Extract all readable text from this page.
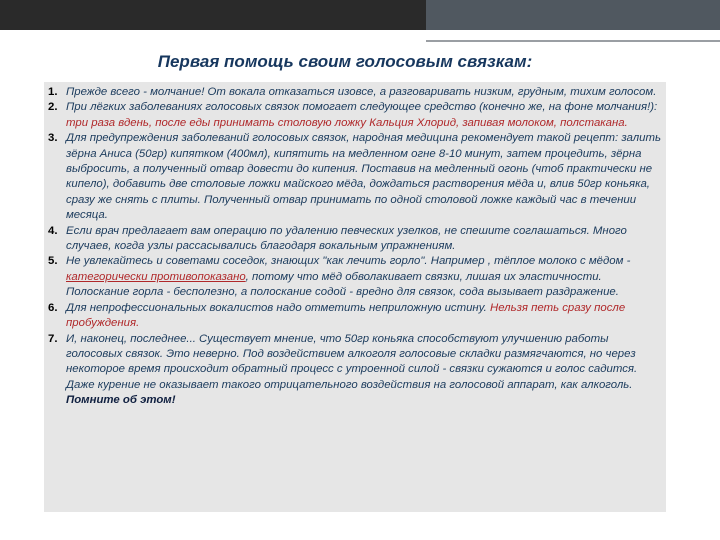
Первая помощь своим голосовым связкам:
1. Прежде всего - молчание! От вокала отказаться изовсе, а разговаривать низким, грудным, тихим голосом.
2. При лёгких заболеваниях голосовых связок помогает следующее средство (конечно же, на фоне молчания!): три раза вдень, после еды принимать столовую ложку Кальция Хлорид, запивая молоком, полстакана.
3. Для предупреждения заболеваний голосовых связок, народная медицина рекомендует такой рецепт: залить зёрна Аниса (50гр) кипятком (400мл), кипятить на медленном огне 8-10 минут, затем процедить, зёрна выбросить, а полученный отвар довести до кипения. Поставив на медленный огонь (чтоб практически не кипело), добавить две столовые ложки майского мёда, дождаться растворения мёда и, влив 50гр коньяка, сразу же снять с плиты. Полученный отвар принимать по одной столовой ложке каждый час в течении месяца.
4. Если врач предлагает вам операцию по удалению певческих узелков, не спешите соглашаться. Много случаев, когда узлы рассасывались благодаря вокальным упражнениям.
5. Не увлекайтесь и советами соседок, знающих "как лечить горло". Например , тёплое молоко с мёдом - категорически противопоказано, потому что мёд обволакивает связки, лишая их эластичности. Полоскание горла - бесполезно, а полоскание содой - вредно для связок, сода вызывает раздражение.
6. Для непрофессиональных вокалистов надо отметить неприложную истину. Нельзя петь сразу после пробуждения.
7. И, наконец, последнее... Существует мнение, что 50гр коньяка способствуют улучшению работы голосовых связок. Это неверно. Под воздействием алкоголя голосовые складки размягчаются, но через некоторое время происходит обратный процесс с утроенной силой - связки сужаются и голос садится. Даже курение не оказывает такого отрицательного воздействия на голосовой аппарат, как алкоголь. Помните об этом!
